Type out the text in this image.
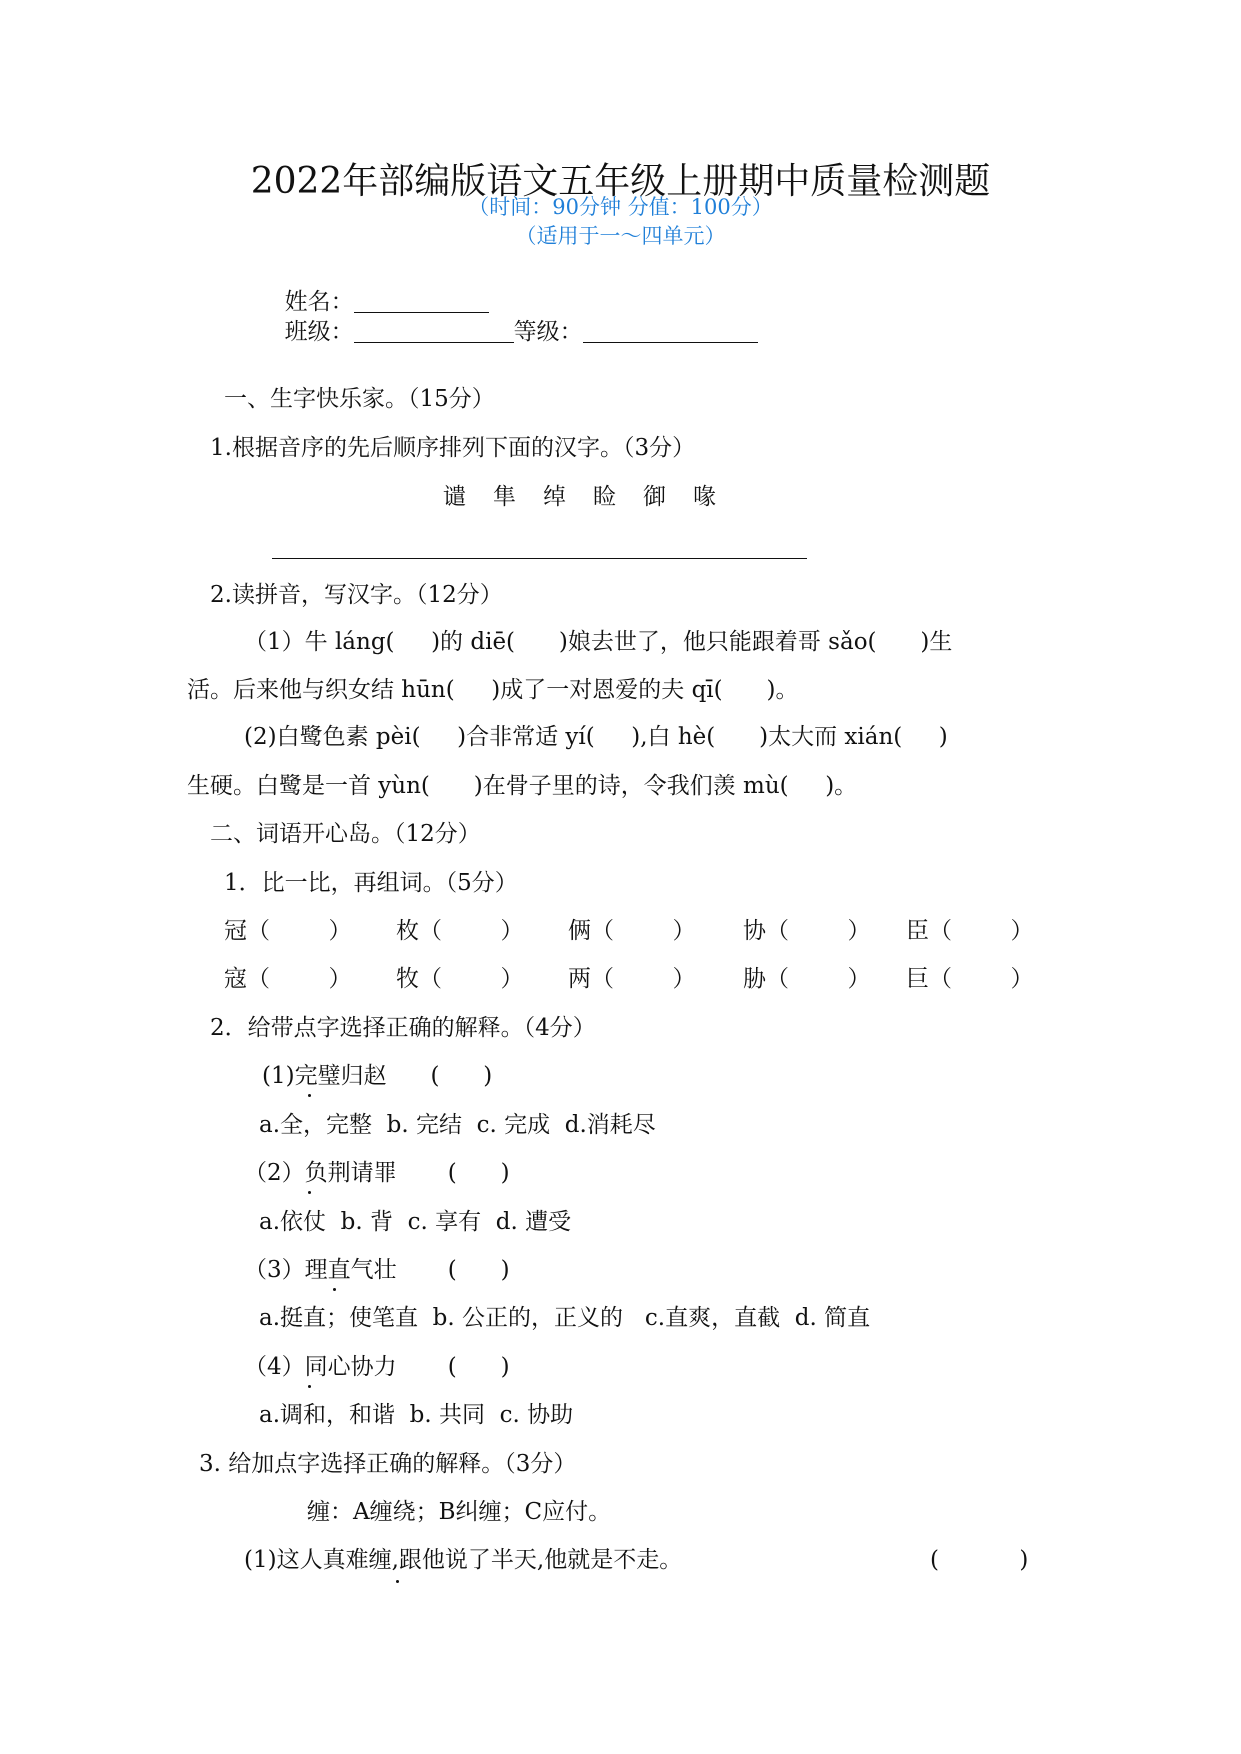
2022年部编版语文五年级上册期中质量检测题
（时间：90分钟 分值：100分）
（适用于一～四单元）

姓名：
班级：	等级：

一、生字快乐家。（15分）
1.根据音序的先后顺序排列下面的汉字。（3分）
谴 隼 绰 睑 御 喙
2.读拼音，写汉字。（12分）
（1）牛 láng(     )的 diē(      )娘去世了，他只能跟着哥 sǎo(      )生
活。后来他与织女结 hūn(     )成了一对恩爱的夫 qī(      )。
(2)白鹭色素 pèi(     )合非常适 yí(     ),白 hè(      )太大而 xián(     )
生硬。白鹭是一首 yùn(      )在骨子里的诗，令我们羡 mù(     )。
二、词语开心岛。（12分）
1．比一比，再组词。（5分）
冠（        ） 枚（        ） 俩（        ） 协（        ） 臣（        ）
寇（        ） 牧（        ） 两（        ） 胁（        ） 巨（        ）
2．给带点字选择正确的解释。（4分）
(1)完璧归赵      (      )
a.全，完整  b. 完结  c. 完成  d.消耗尽
（2）负荆请罪       (      )
a.依仗  b. 背  c. 享有  d. 遭受
（3）理直气壮       (      )
a.挺直；使笔直  b. 公正的，正义的   c.直爽，直截  d. 简直
（4）同心协力       (      )
a.调和，和谐  b. 共同  c. 协助
3. 给加点字选择正确的解释。（3分）
缠：A缠绕；B纠缠；C应付。
(1)这人真难缠,跟他说了半天,他就是不走。	(           )
